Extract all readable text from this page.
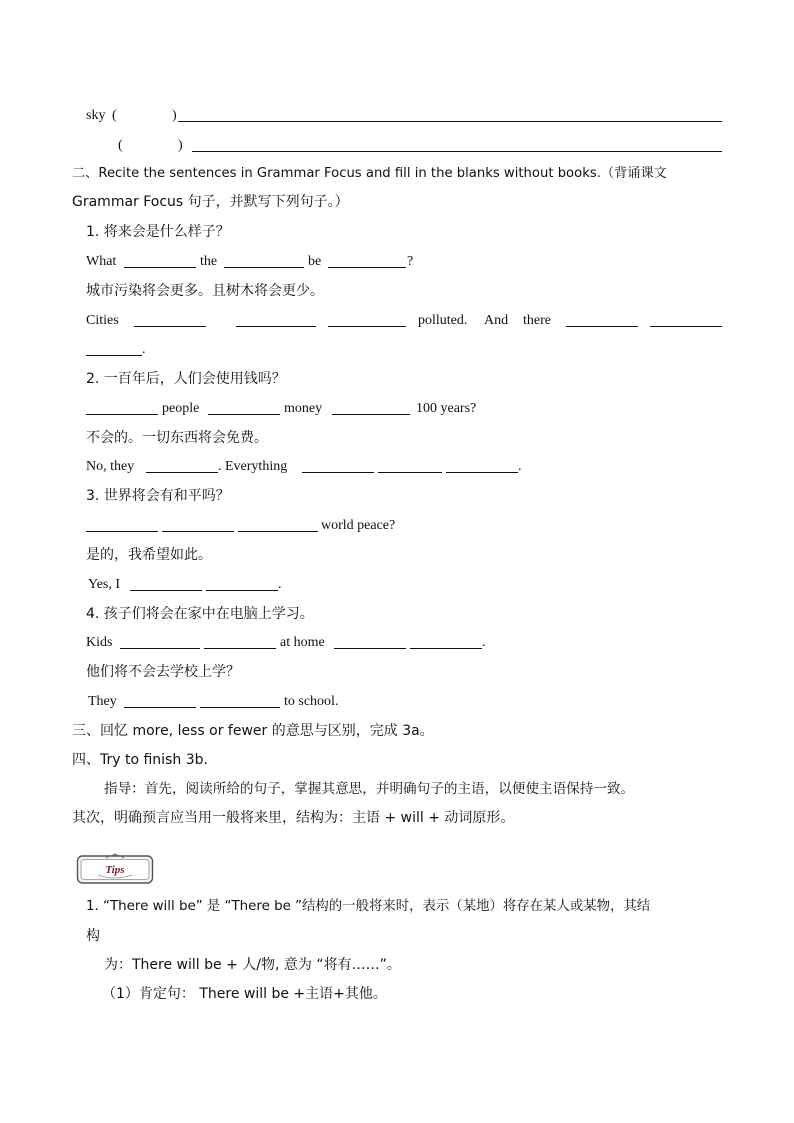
sky (	)
(	)
二、Recite the sentences in Grammar Focus and fill in the blanks without books.（背诵课文
Grammar Focus 句子，并默写下列句子。）
1. 将来会是什么样子？
What	the	be	?
城市污染将会更多。且树木将会更少。
Cities	polluted. And there
.
2. 一百年后，人们会使用钱吗？
people	money	100 years?
不会的。一切东西将会免费。
No, they	. Everything	.
3. 世界将会有和平吗？
world peace?
是的，我希望如此。
Yes, I	.
4. 孩子们将会在家中在电脑上学习。
Kids	at home	.
他们将不会去学校上学？
They	to school.
三、回忆 more, less or fewer 的意思与区别，完成 3a。
四、Try to finish 3b.
指导：首先，阅读所给的句子，掌握其意思，并明确句子的主语，以便使主语保持一致。
其次，明确预言应当用一般将来里，结构为：主语 + will + 动词原形。
Tips
1. “There will be” 是 “There be ”结构的一般将来时，表示（某地）将存在某人或某物，其结
构
为：There will be + 人/物, 意为 “将有……”。
（1）肯定句： There will be +主语+其他。
